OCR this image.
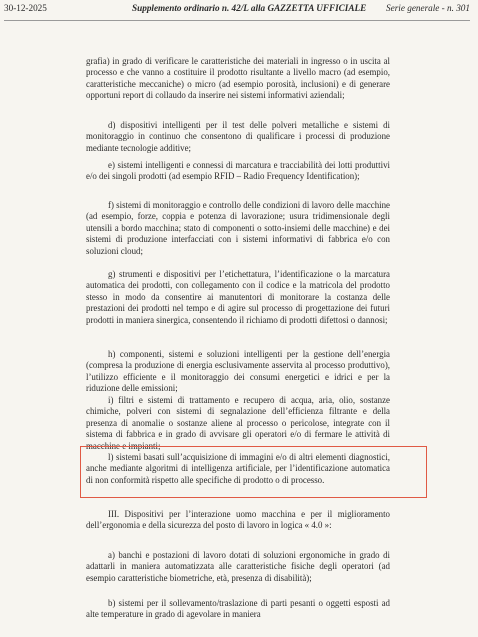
30-12-2025	Supplemento ordinario n. 42/L alla GAZZETTA UFFICIALE Serie generale - n. 301

grafia) in grado di verificare le caratteristiche dei materiali in ingresso o in uscita al processo e che vanno a costituire il prodotto risultante a livello macro (ad esempio, caratteristiche meccaniche) o micro (ad esempio porosità, inclusioni) e di generare opportuni report di collaudo da inserire nei sistemi informativi aziendali;

d) dispositivi intelligenti per il test delle polveri metalliche e sistemi di monitoraggio in continuo che consentono di qualificare i processi di produzione mediante tecnologie additive;

e) sistemi intelligenti e connessi di marcatura e tracciabilità dei lotti produttivi e/o dei singoli prodotti (ad esempio RFID – Radio Frequency Identification);

f) sistemi di monitoraggio e controllo delle condizioni di lavoro delle macchine (ad esempio, forze, coppia e potenza di lavorazione; usura tridimensionale degli utensili a bordo macchina; stato di componenti o sotto-insiemi delle macchine) e dei sistemi di produzione interfacciati con i sistemi informativi di fabbrica e/o con soluzioni cloud;

g) strumenti e dispositivi per l’etichettatura, l’identificazione o la marcatura automatica dei prodotti, con collegamento con il codice e la matricola del prodotto stesso in modo da consentire ai manutentori di monitorare la costanza delle prestazioni dei prodotti nel tempo e di agire sul processo di progettazione dei futuri prodotti in maniera sinergica, consentendo il richiamo di prodotti difettosi o dannosi;

h) componenti, sistemi e soluzioni intelligenti per la gestione dell’energia (compresa la produzione di energia esclusivamente asservita al processo produttivo), l’utilizzo efficiente e il monitoraggio dei consumi energetici e idrici e per la riduzione delle emissioni;

i) filtri e sistemi di trattamento e recupero di acqua, aria, olio, sostanze chimiche, polveri con sistemi di segnalazione dell’efficienza filtrante e della presenza di anomalie o sostanze aliene al processo o pericolose, integrate con il sistema di fabbrica e in grado di avvisare gli operatori e/o di fermare le attività di macchine e impianti;

l) sistemi basati sull’acquisizione di immagini e/o di altri elementi diagnostici, anche mediante algoritmi di intelligenza artificiale, per l’identificazione automatica di non conformità rispetto alle specifiche di prodotto o di processo.

III. Dispositivi per l’interazione uomo macchina e per il miglioramento dell’ergonomia e della sicurezza del posto di lavoro in logica « 4.0 »:

a) banchi e postazioni di lavoro dotati di soluzioni ergonomiche in grado di adattarli in maniera automatizzata alle caratteristiche fisiche degli operatori (ad esempio caratteristiche biometriche, età, presenza di disabilità);

b) sistemi per il sollevamento/traslazione di parti pesanti o oggetti esposti ad alte temperature in grado di agevolare in maniera
